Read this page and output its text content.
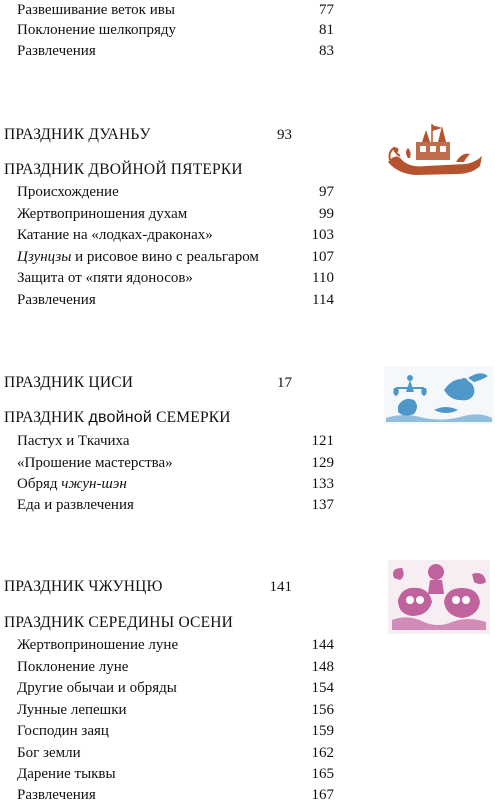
Развешивание веток ивы	77
Поклонение шелкопряду	81
Развлечения	83
ПРАЗДНИК ДУАНЬУ	93
ПРАЗДНИК ДВОЙНОЙ ПЯТЕРКИ
Происхождение	97
Жертвоприношения духам	99
Катание на «лодках-драконах»	103
Цзунцзы и рисовое вино с реальгаром	107
Защита от «пяти ядоносов»	110
Развлечения	114
ПРАЗДНИК ЦИСИ	17
ПРАЗДНИК двойной СЕМЕРКИ
Пастух и Ткачиха	121
«Прошение мастерства»	129
Обряд чжун-шэн	133
Еда и развлечения	137
ПРАЗДНИК ЧЖУНЦЮ	141
ПРАЗДНИК СЕРЕДИНЫ ОСЕНИ
Жертвоприношение луне	144
Поклонение луне	148
Другие обычаи и обряды	154
Лунные лепешки	156
Господин заяц	159
Бог земли	162
Дарение тыквы	165
Развлечения	167
